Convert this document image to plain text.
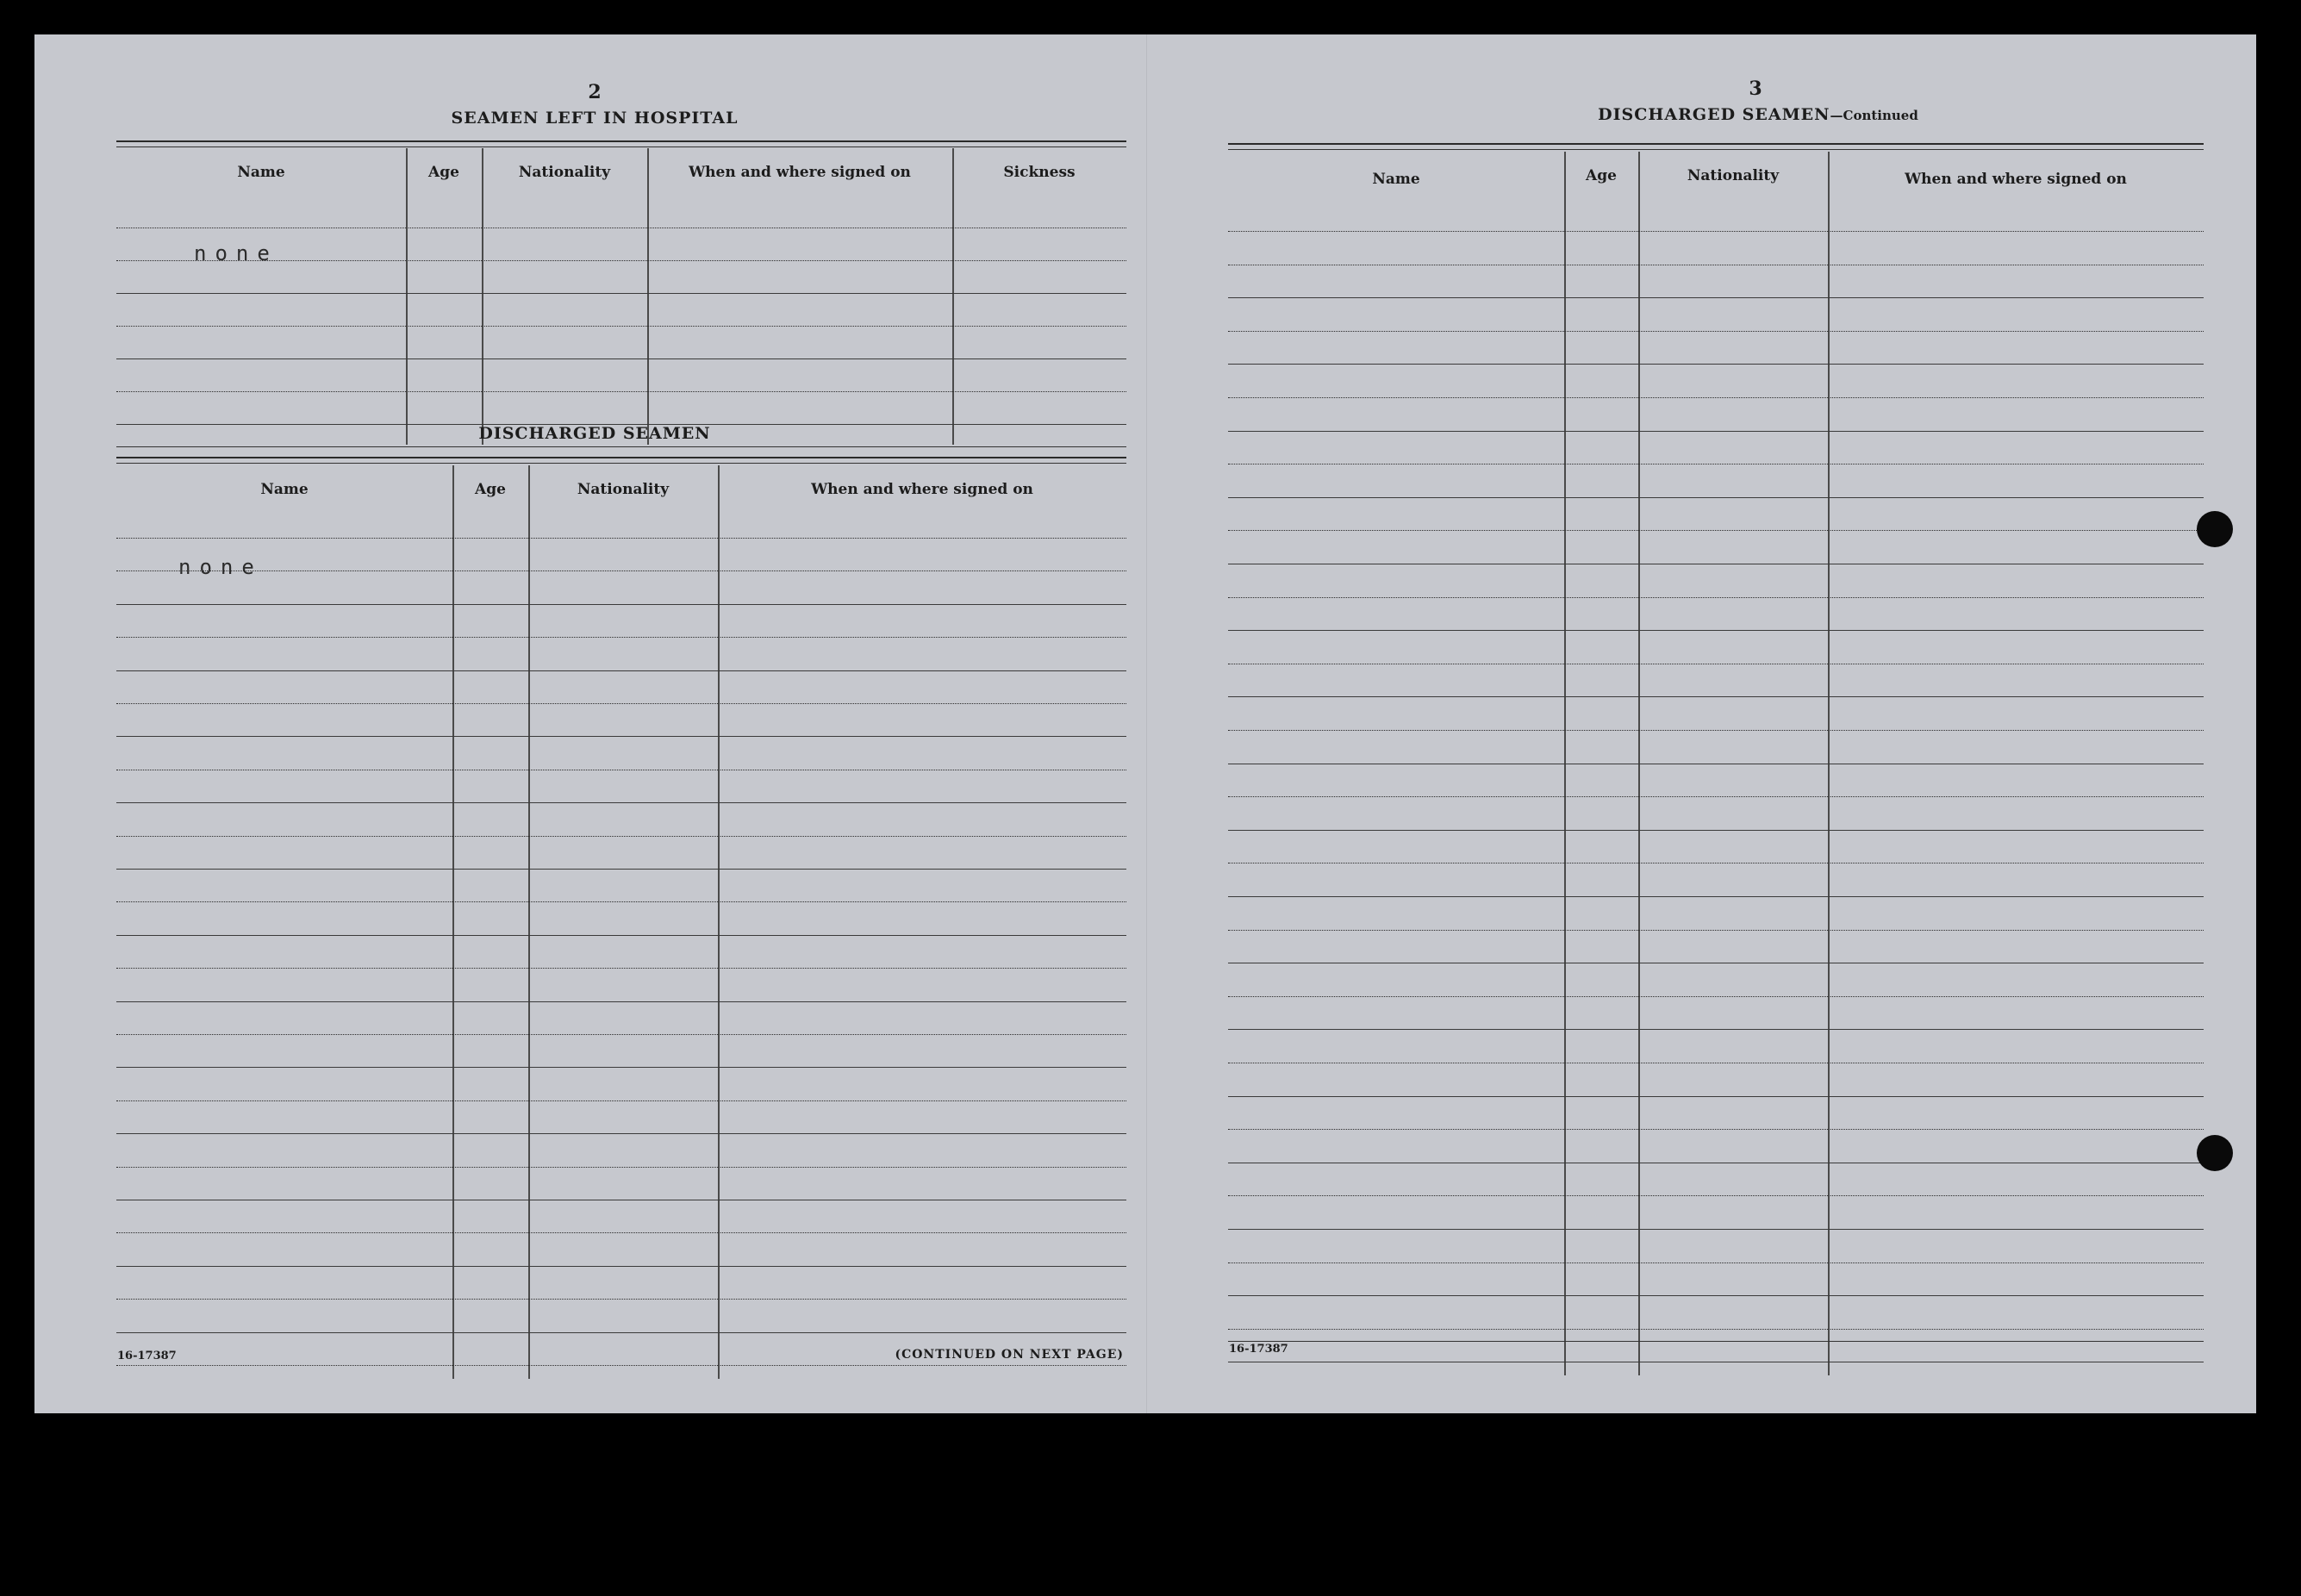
2
SEAMEN LEFT IN HOSPITAL
Name	Age	Nationality	When and where signed on	Sickness
none
DISCHARGED SEAMEN
Name	Age	Nationality	When and where signed on
none
16-17387	(CONTINUED ON NEXT PAGE)
3
DISCHARGED SEAMEN—Continued
Name	Age	Nationality	When and where signed on
16-17387
